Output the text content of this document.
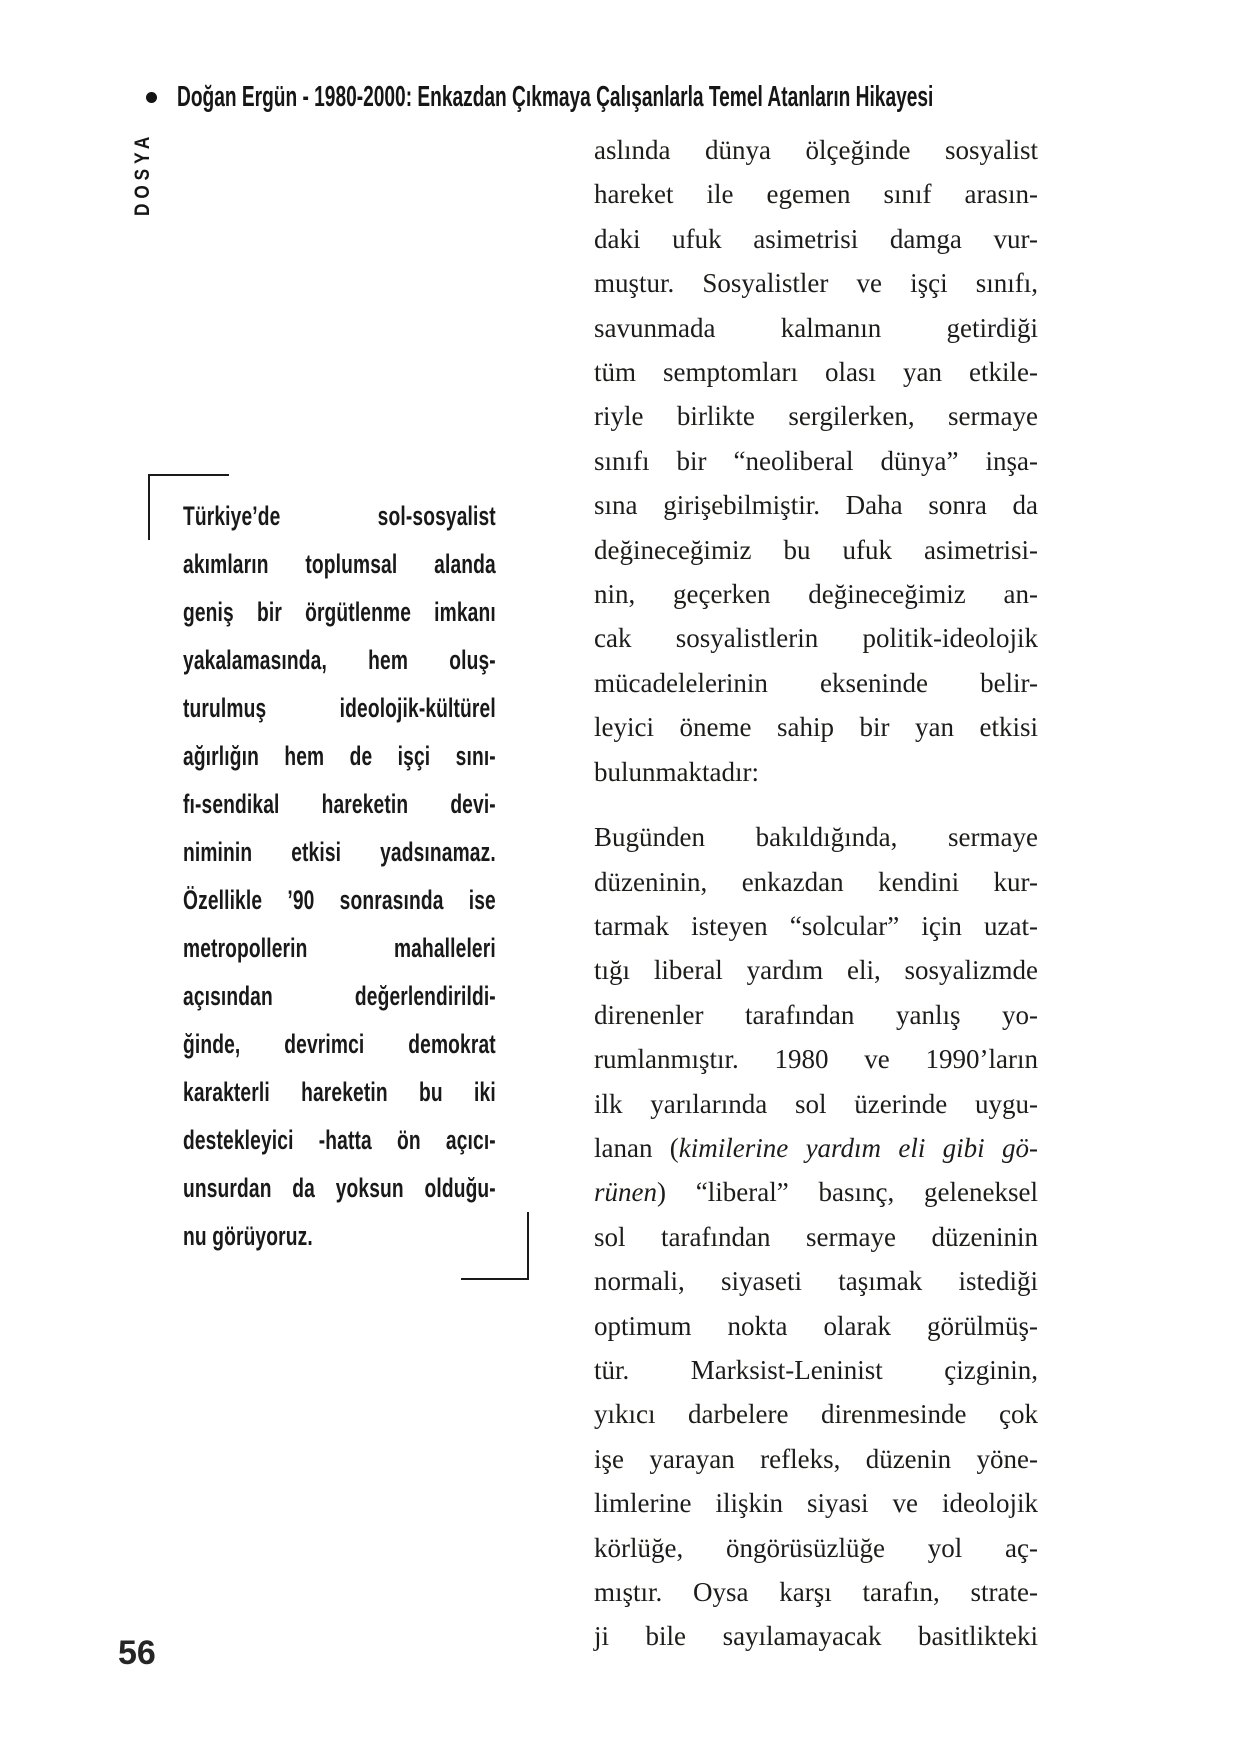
Doğan Ergün - 1980-2000: Enkazdan Çıkmaya Çalışanlarla Temel Atanların Hikayesi
DOSYA
Türkiye’de sol-sosyalist
akımların toplumsal alanda
geniş bir örgütlenme imkanı
yakalamasında, hem oluş-
turulmuş ideolojik-kültürel
ağırlığın hem de işçi sını-
fı-sendikal hareketin devi-
niminin etkisi yadsınamaz.
Özellikle ’90 sonrasında ise
metropollerin mahalleleri
açısından değerlendirildi-
ğinde, devrimci demokrat
karakterli hareketin bu iki
destekleyici -hatta ön açıcı-
unsurdan da yoksun olduğu-
nu görüyoruz.
aslında dünya ölçeğinde sosyalist
hareket ile egemen sınıf arasın-
daki ufuk asimetrisi damga vur-
muştur. Sosyalistler ve işçi sınıfı,
savunmada kalmanın getirdiği
tüm semptomları olası yan etkile-
riyle birlikte sergilerken, sermaye
sınıfı bir “neoliberal dünya” inşa-
sına girişebilmiştir. Daha sonra da
değineceğimiz bu ufuk asimetrisi-
nin, geçerken değineceğimiz an-
cak sosyalistlerin politik-ideolojik
mücadelelerinin ekseninde belir-
leyici öneme sahip bir yan etkisi
bulunmaktadır:
Bugünden bakıldığında, sermaye
düzeninin, enkazdan kendini kur-
tarmak isteyen “solcular” için uzat-
tığı liberal yardım eli, sosyalizmde
direnenler tarafından yanlış yo-
rumlanmıştır. 1980 ve 1990’ların
ilk yarılarında sol üzerinde uygu-
lanan (kimilerine yardım eli gibi gö-
rünen) “liberal” basınç, geleneksel
sol tarafından sermaye düzeninin
normali, siyaseti taşımak istediği
optimum nokta olarak görülmüş-
tür. Marksist-Leninist çizginin,
yıkıcı darbelere direnmesinde çok
işe yarayan refleks, düzenin yöne-
limlerine ilişkin siyasi ve ideolojik
körlüğe, öngörüsüzlüğe yol aç-
mıştır. Oysa karşı tarafın, strate-
ji bile sayılamayacak basitlikteki
56
